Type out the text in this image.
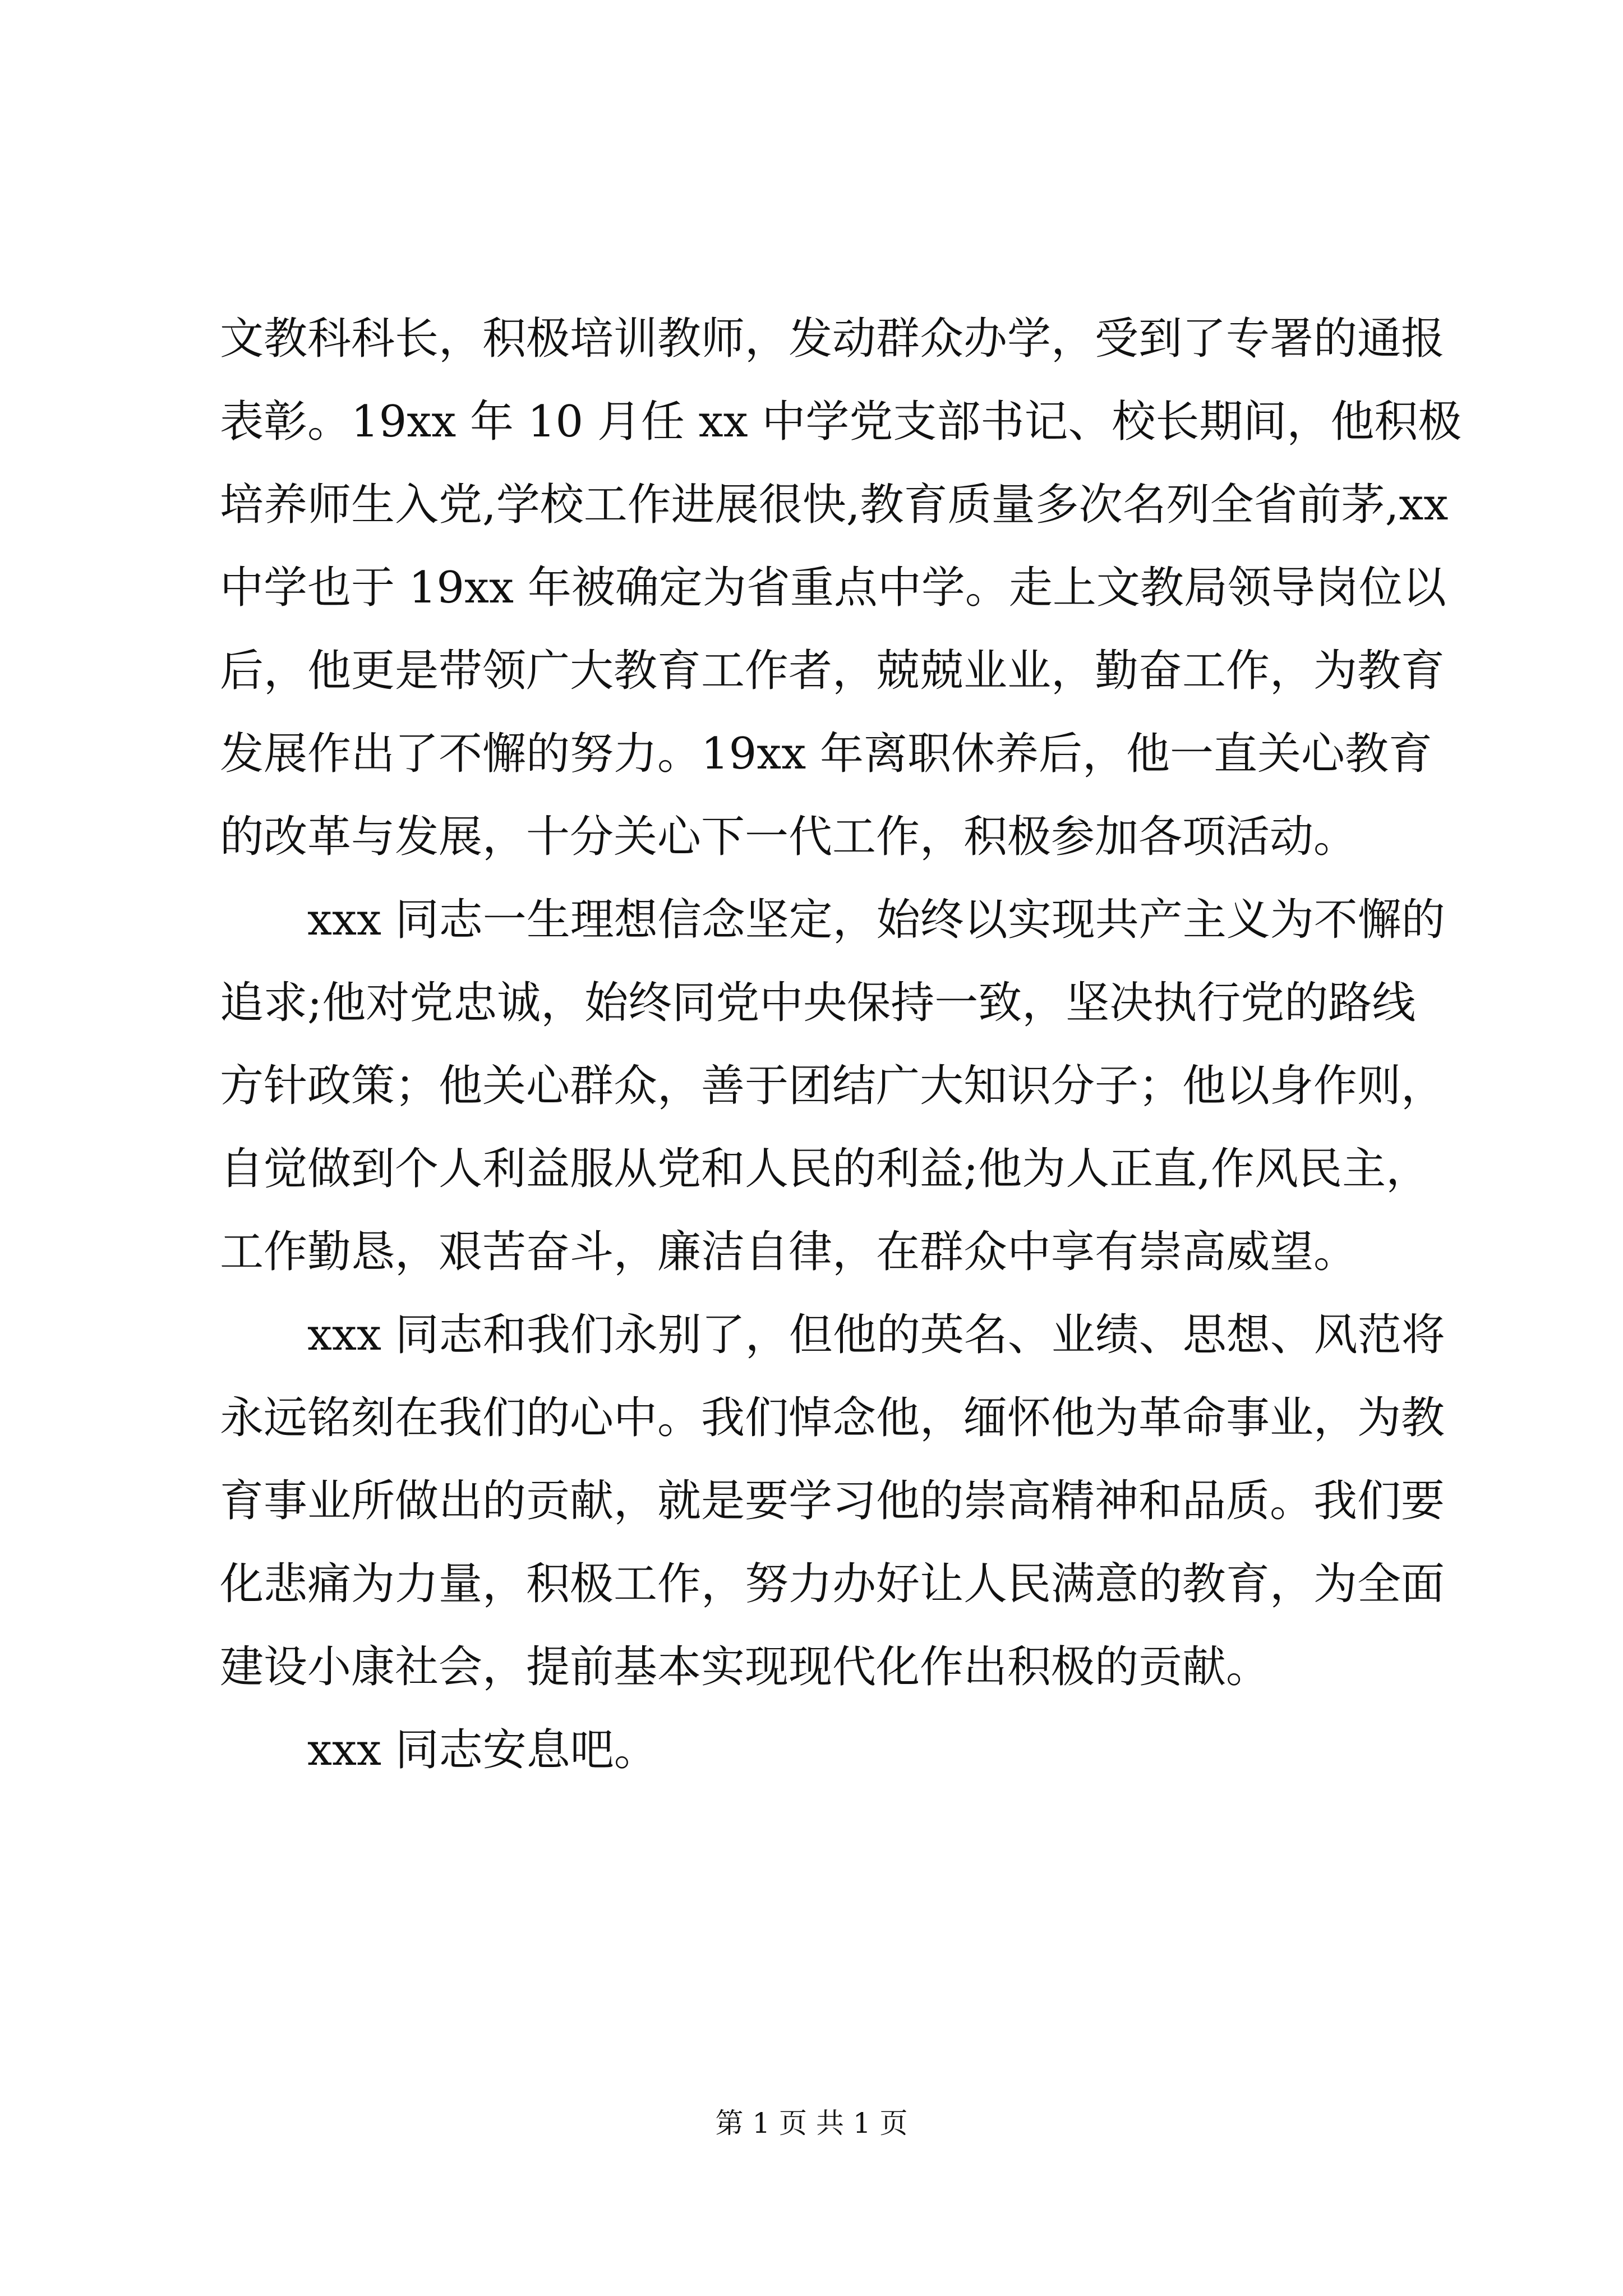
文教科科长，积极培训教师，发动群众办学，受到了专署的通报
表彰。19xx 年 10 月任 xx 中学党支部书记、校长期间，他积极
培养师生入党,学校工作进展很快,教育质量多次名列全省前茅,xx
中学也于 19xx 年被确定为省重点中学。走上文教局领导岗位以
后，他更是带领广大教育工作者，兢兢业业，勤奋工作，为教育
发展作出了不懈的努力。19xx 年离职休养后，他一直关心教育
的改革与发展，十分关心下一代工作，积极参加各项活动。
xxx 同志一生理想信念坚定，始终以实现共产主义为不懈的
追求;他对党忠诚，始终同党中央保持一致，坚决执行党的路线
方针政策；他关心群众，善于团结广大知识分子；他以身作则，
自觉做到个人利益服从党和人民的利益;他为人正直,作风民主，
工作勤恳，艰苦奋斗，廉洁自律，在群众中享有崇高威望。
xxx 同志和我们永别了，但他的英名、业绩、思想、风范将
永远铭刻在我们的心中。我们悼念他，缅怀他为革命事业，为教
育事业所做出的贡献，就是要学习他的崇高精神和品质。我们要
化悲痛为力量，积极工作，努力办好让人民满意的教育，为全面
建设小康社会，提前基本实现现代化作出积极的贡献。
xxx 同志安息吧。
第 1 页 共 1 页
